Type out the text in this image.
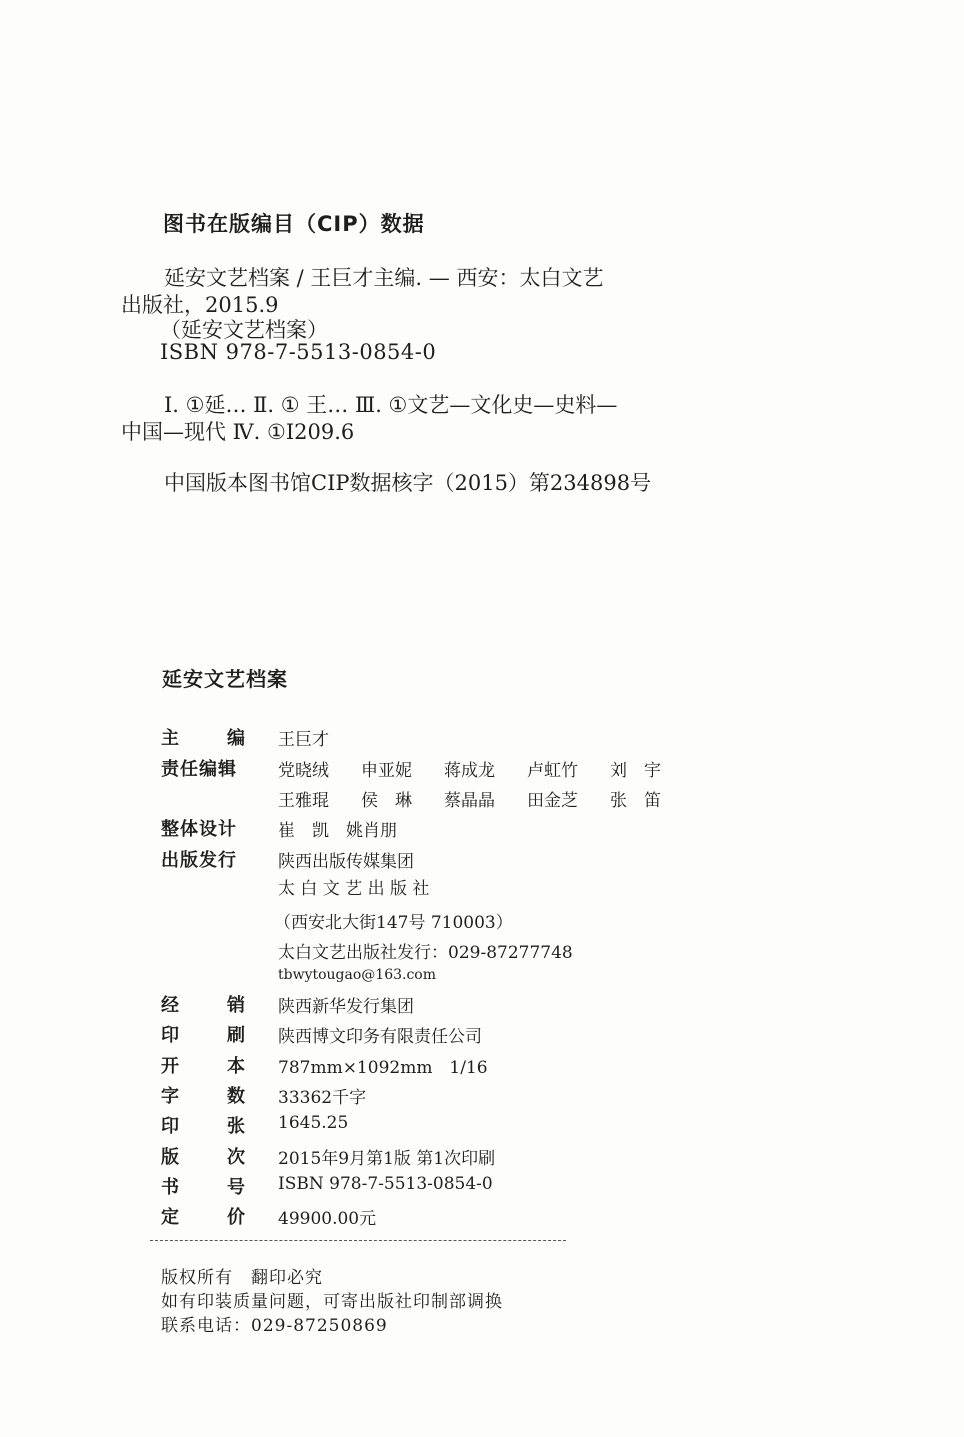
图书在版编目（CIP）数据
延安文艺档案 / 王巨才主编. — 西安：太白文艺
出版社，2015.9
（延安文艺档案）
ISBN 978-7-5513-0854-0
Ⅰ. ①延… Ⅱ. ① 王… Ⅲ. ①文艺—文化史—史料—
中国—现代 Ⅳ. ①I209.6
中国版本图书馆CIP数据核字（2015）第234898号
延安文艺档案
主	编 王巨才
责任编辑	党晓绒 申亚妮 蒋成龙 卢虹竹 刘　宇
王雅琨 侯　琳 蔡晶晶 田金芝 张　笛
整体设计	崔　凯　姚肖朋
出版发行	陕西出版传媒集团
太 白 文 艺 出 版 社
（西安北大街147号 710003）
太白文艺出版社发行：029-87277748
tbwytougao@163.com
经	销 陕西新华发行集团
印	刷 陕西博文印务有限责任公司
开	本 787mm×1092mm　1/16
字	数 33362千字
印	张 1645.25
版	次 2015年9月第1版 第1次印刷
书	号 ISBN 978-7-5513-0854-0
定	价 49900.00元
版权所有　翻印必究
如有印装质量问题，可寄出版社印制部调换
联系电话：029-87250869
